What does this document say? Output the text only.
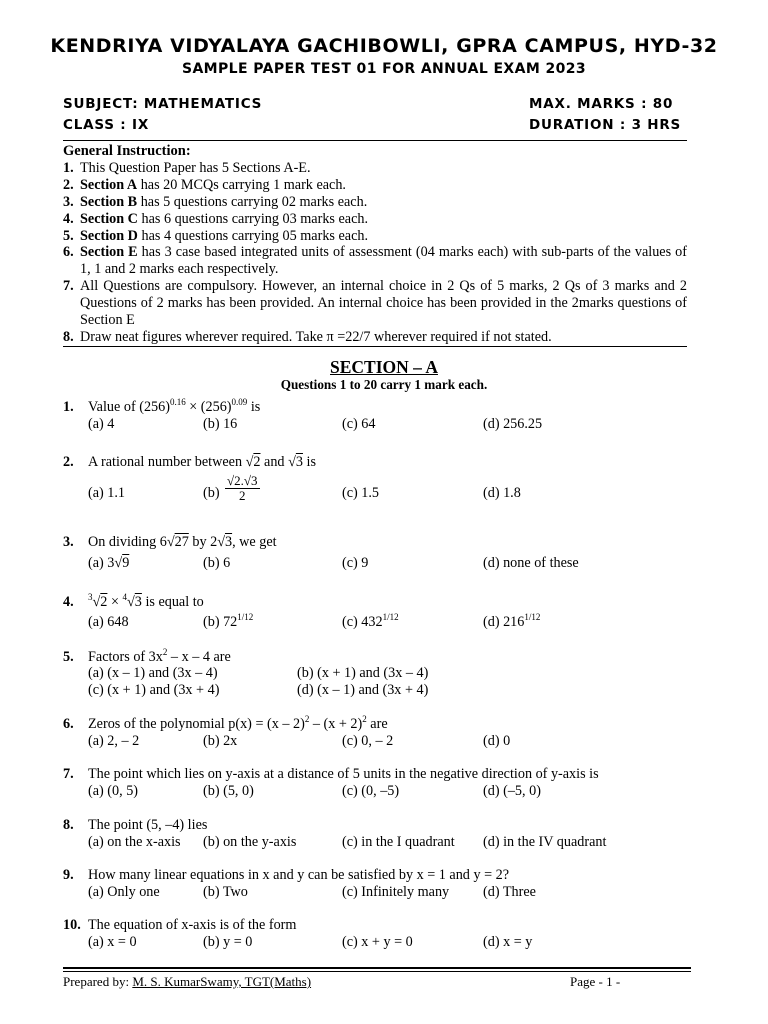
KENDRIYA VIDYALAYA GACHIBOWLI, GPRA CAMPUS, HYD-32
SAMPLE PAPER TEST 01 FOR ANNUAL EXAM 2023
SUBJECT: MATHEMATICS	MAX. MARKS : 80
CLASS : IX	DURATION : 3 HRS
General Instruction:
1. This Question Paper has 5 Sections A-E.
2. Section A has 20 MCQs carrying 1 mark each.
3. Section B has 5 questions carrying 02 marks each.
4. Section C has 6 questions carrying 03 marks each.
5. Section D has 4 questions carrying 05 marks each.
6. Section E has 3 case based integrated units of assessment (04 marks each) with sub-parts of the values of 1, 1 and 2 marks each respectively.
7. All Questions are compulsory. However, an internal choice in 2 Qs of 5 marks, 2 Qs of 3 marks and 2 Questions of 2 marks has been provided. An internal choice has been provided in the 2marks questions of Section E
8. Draw neat figures wherever required. Take π =22/7 wherever required if not stated.
SECTION – A
Questions 1 to 20 carry 1 mark each.
1. Value of $(256)^{0.16} \times (256)^{0.09}$ is
(a) 4	(b) 16	(c) 64	(d) 256.25
2. A rational number between √2 and √3 is
(a) 1.1	$(b) \frac{√2.√3}{2}$	(c) 1.5	(d) 1.8
3. On dividing 6√27 by 2√3, we get
(a) 3√9	(b) 6	(c) 9	(d) none of these
4. $^3$√2 × $^4$√3 is equal to
(a) 648	(b) $72^{1/12}$	(c) $432^{1/12}$	(d) $216^{1/12}$
5. Factors of $3x^2$ – x – 4 are
(a) (x – 1) and (3x – 4)	(b) (x + 1) and (3x – 4)
(c) (x + 1) and (3x + 4)	(d) (x – 1) and (3x + 4)
6. Zeros of the polynomial $p(x) = (x - 2)^2 - (x + 2)^2$ are
(a) 2, – 2	(b) 2x	(c) 0, – 2	(d) 0
7. The point which lies on y-axis at a distance of 5 units in the negative direction of y-axis is
(a) (0, 5)	(b) (5, 0)	(c) (0, –5)	(d) (–5, 0)
8. The point (5, –4) lies
(a) on the x-axis (b) on the y-axis	(c) in the I quadrant (d) in the IV quadrant
9. How many linear equations in x and y can be satisfied by x = 1 and y = 2?
(a) Only one	(b) Two	(c) Infinitely many (d) Three
10. The equation of x-axis is of the form
(a) x = 0	(b) y = 0	(c) x + y = 0	(d) x = y
Prepared by: M. S. KumarSwamy, TGT(Maths)	Page - 1 -
